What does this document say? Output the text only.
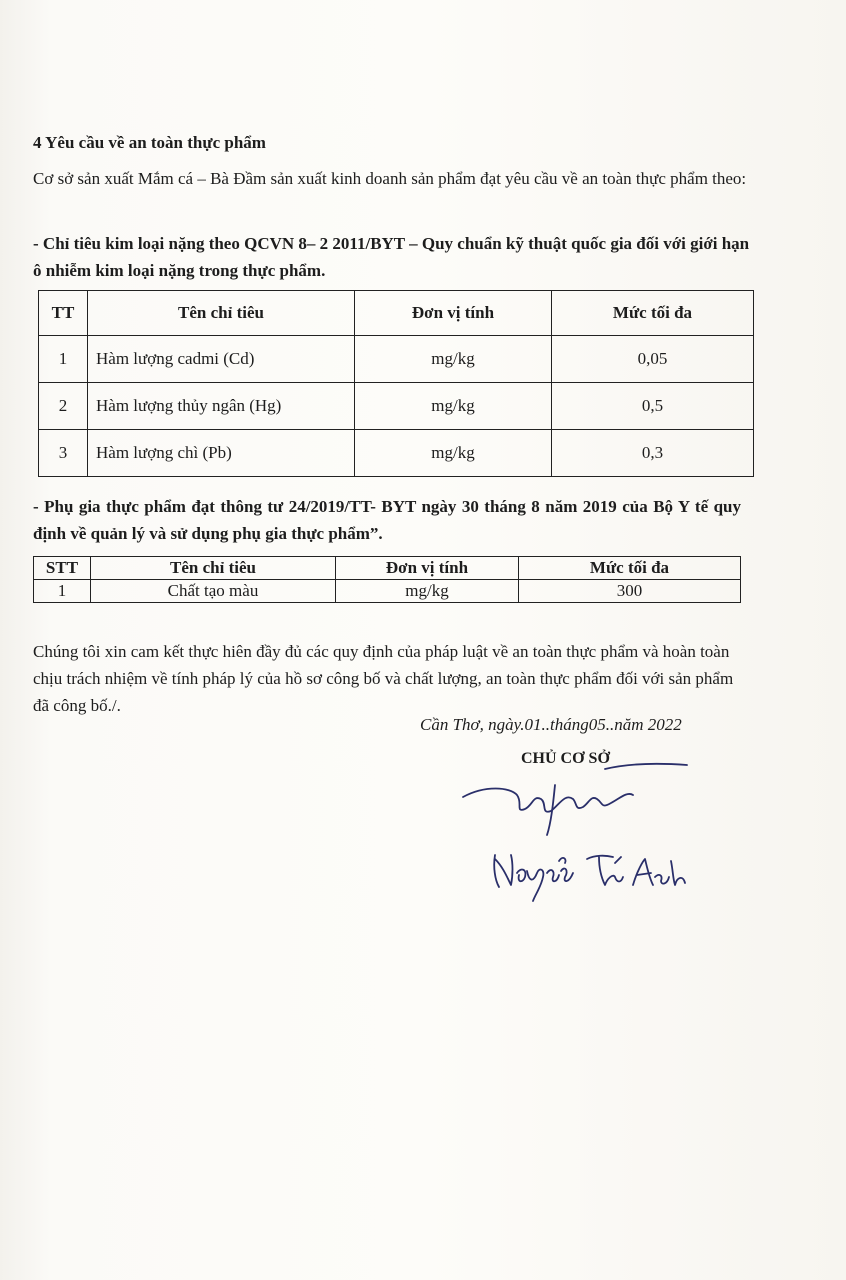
4 Yêu cầu về an toàn thực phẩm
Cơ sở sản xuất Mắm cá – Bà Đầm sản xuất kinh doanh sản phẩm đạt yêu cầu về an toàn thực phẩm theo:
- Chỉ tiêu kim loại nặng theo QCVN 8– 2 2011/BYT – Quy chuẩn kỹ thuật quốc gia đối với giới hạn ô nhiễm kim loại nặng trong thực phẩm.
TT	Tên chỉ tiêu	Đơn vị tính	Mức tối đa
1	Hàm lượng cadmi (Cd)	mg/kg	0,05
2	Hàm lượng thủy ngân (Hg)	mg/kg	0,5
3	Hàm lượng chì (Pb)	mg/kg	0,3
- Phụ gia thực phẩm đạt thông tư 24/2019/TT- BYT ngày 30 tháng 8 năm 2019 của Bộ Y tế quy định về quản lý và sử dụng phụ gia thực phẩm”.
STT	Tên chỉ tiêu	Đơn vị tính	Mức tối đa
1	Chất tạo màu	mg/kg	300
Chúng tôi xin cam kết thực hiên đầy đủ các quy định của pháp luật về an toàn thực phẩm và hoàn toàn chịu trách nhiệm về tính pháp lý của hồ sơ công bố và chất lượng, an toàn thực phẩm đối với sản phẩm đã công bố./.
Cần Thơ, ngày.01..tháng05..năm 2022
CHỦ CƠ SỞ
